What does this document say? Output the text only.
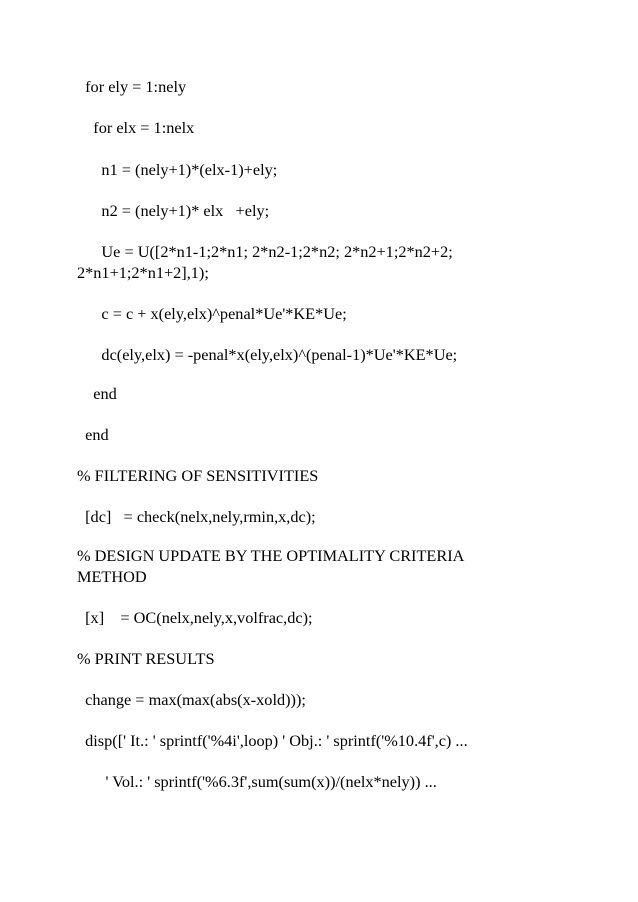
for ely = 1:nely

for elx = 1:nelx

n1 = (nely+1)*(elx-1)+ely;

n2 = (nely+1)* elx   +ely;

Ue = U([2*n1-1;2*n1; 2*n2-1;2*n2; 2*n2+1;2*n2+2;

2*n1+1;2*n1+2],1);

c = c + x(ely,elx)^penal*Ue'*KE*Ue;

dc(ely,elx) = -penal*x(ely,elx)^(penal-1)*Ue'*KE*Ue;

end

end

% FILTERING OF SENSITIVITIES

[dc]   = check(nelx,nely,rmin,x,dc);

% DESIGN UPDATE BY THE OPTIMALITY CRITERIA

METHOD

[x]    = OC(nelx,nely,x,volfrac,dc);

% PRINT RESULTS

change = max(max(abs(x-xold)));

disp([' It.: ' sprintf('%4i',loop) ' Obj.: ' sprintf('%10.4f',c) ...

' Vol.: ' sprintf('%6.3f',sum(sum(x))/(nelx*nely)) ...
